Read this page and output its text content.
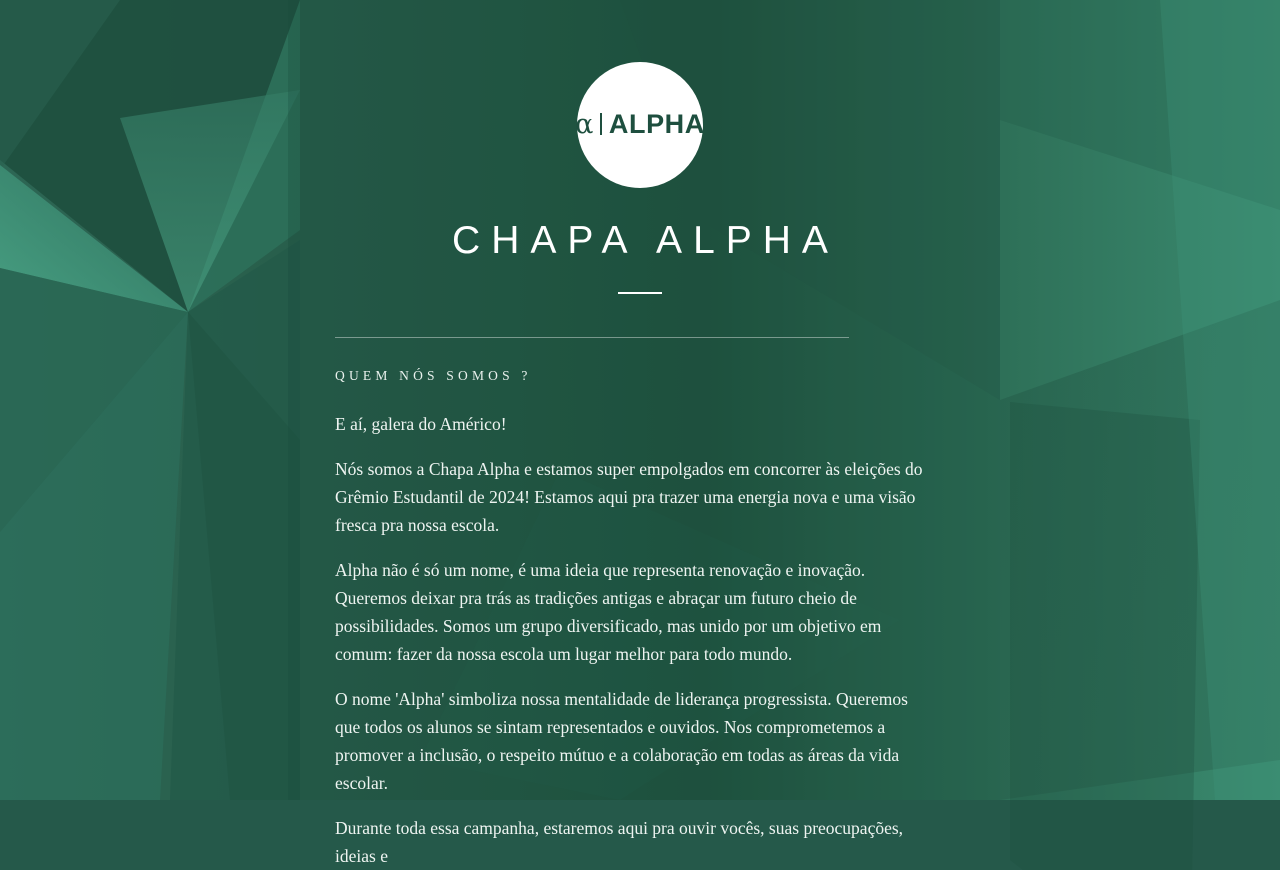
α ALPHA
CHAPA ALPHA
QUEM NÓS SOMOS ?

E aí, galera do Américo!

Nós somos a Chapa Alpha e estamos super empolgados em concorrer às eleições do Grêmio Estudantil de 2024! Estamos aqui pra trazer uma energia nova e uma visão fresca pra nossa escola.

Alpha não é só um nome, é uma ideia que representa renovação e inovação. Queremos deixar pra trás as tradições antigas e abraçar um futuro cheio de possibilidades. Somos um grupo diversificado, mas unido por um objetivo em comum: fazer da nossa escola um lugar melhor para todo mundo.

O nome 'Alpha' simboliza nossa mentalidade de liderança progressista. Queremos que todos os alunos se sintam representados e ouvidos. Nos comprometemos a promover a inclusão, o respeito mútuo e a colaboração em todas as áreas da vida escolar.

Durante toda essa campanha, estaremos aqui pra ouvir vocês, suas preocupações, ideias e
